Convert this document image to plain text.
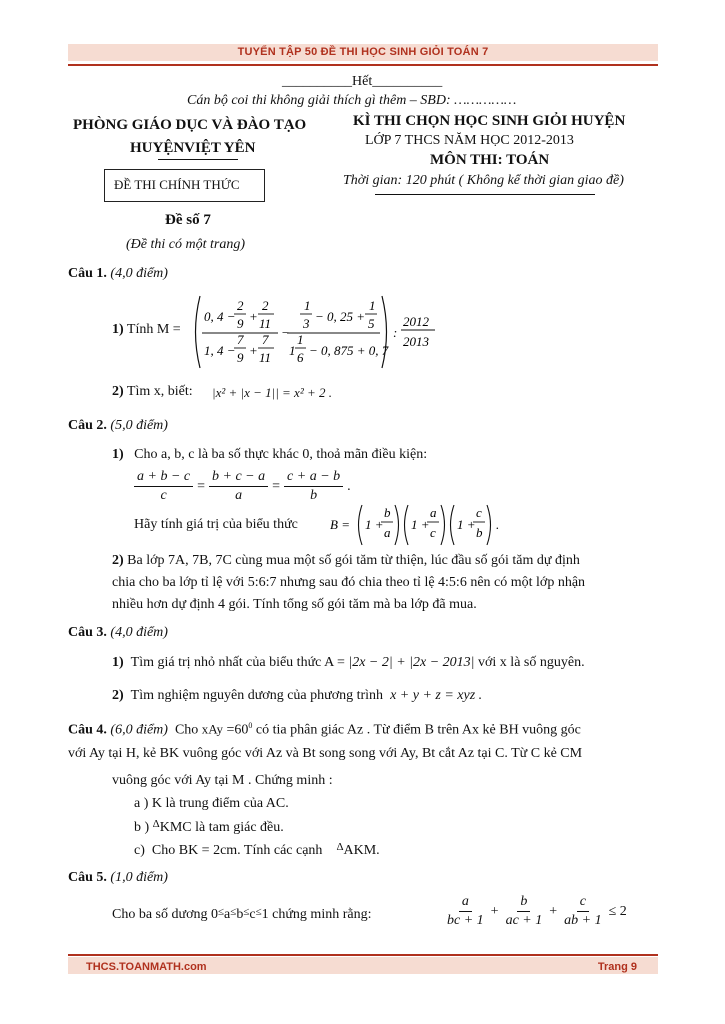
TUYỂN TẬP 50 ĐỀ THI HỌC SINH GIỎI TOÁN 7
__________Hết__________
Cán bộ coi thi không giải thích gì thêm – SBD: ……………
PHÒNG GIÁO DỤC VÀ ĐÀO TẠO
HUYỆNVIỆT YÊN
ĐỀ THI CHÍNH THỨC
Đề số 7
(Đề thi có một trang)
KÌ THI CHỌN HỌC SINH GIỎI HUYỆN
LỚP 7 THCS NĂM HỌC 2012-2013
MÔN THI: TOÁN
Thời gian: 120 phút ( Không kể thời gian giao đề)
Câu 1. (4,0 điểm)
1) Tính M =
0, 4 −
2
9 +
2
11
1, 4 −
7
9 +
7
11
−
1
3 − 0, 25 +
1
5
1
1
6 − 0, 875 + 0, 7
:
2012
2013
2) Tìm x, biết: |x² + |x − 1|| = x² + 2 .
Câu 2. (5,0 điểm)
1) Cho a, b, c là ba số thực khác 0, thoả mãn điều kiện:
$\frac{a + b - c}{c} = \frac{b + c - a}{a} = \frac{c + a - b}{b}$ .
Hãy tính giá trị của biểu thức B = 1 +
b
a
1 +
a
c
1 +
c
b
.
2) Ba lớp 7A, 7B, 7C cùng mua một số gói tăm từ thiện, lúc đầu số gói tăm dự định
chia cho ba lớp tỉ lệ với 5:6:7 nhưng sau đó chia theo tỉ lệ 4:5:6 nên có một lớp nhận
nhiều hơn dự định 4 gói. Tính tổng số gói tăm mà ba lớp đã mua.
Câu 3. (4,0 điểm)
1) Tìm giá trị nhỏ nhất của biểu thức A = |2x − 2| + |2x − 2013| với x là số nguyên.
2) Tìm nghiệm nguyên dương của phương trình x + y + z = xyz .
Câu 4. (6,0 điểm) Cho xAy $=60^0$ có tia phân giác Az . Từ điểm B trên Ax kẻ BH vuông góc
với Ay tại H, kẻ BK vuông góc với Az và Bt song song với Ay, Bt cắt Az tại C. Từ C kẻ CM
vuông góc với Ay tại M . Chứng minh :
a ) K là trung điểm của AC.
b ) $^\Delta$KMC là tam giác đều.
c) Cho BK = 2cm. Tính các cạnh $^\Delta$AKM.
Câu 5. (1,0 điểm)
Cho ba số dương 0≤a≤b≤c≤1 chứng minh rằng:	$\frac{a}{bc + 1} + \frac{b}{ac + 1} + \frac{c}{ab + 1} \le 2$
THCS.TOANMATH.com	Trang 9
